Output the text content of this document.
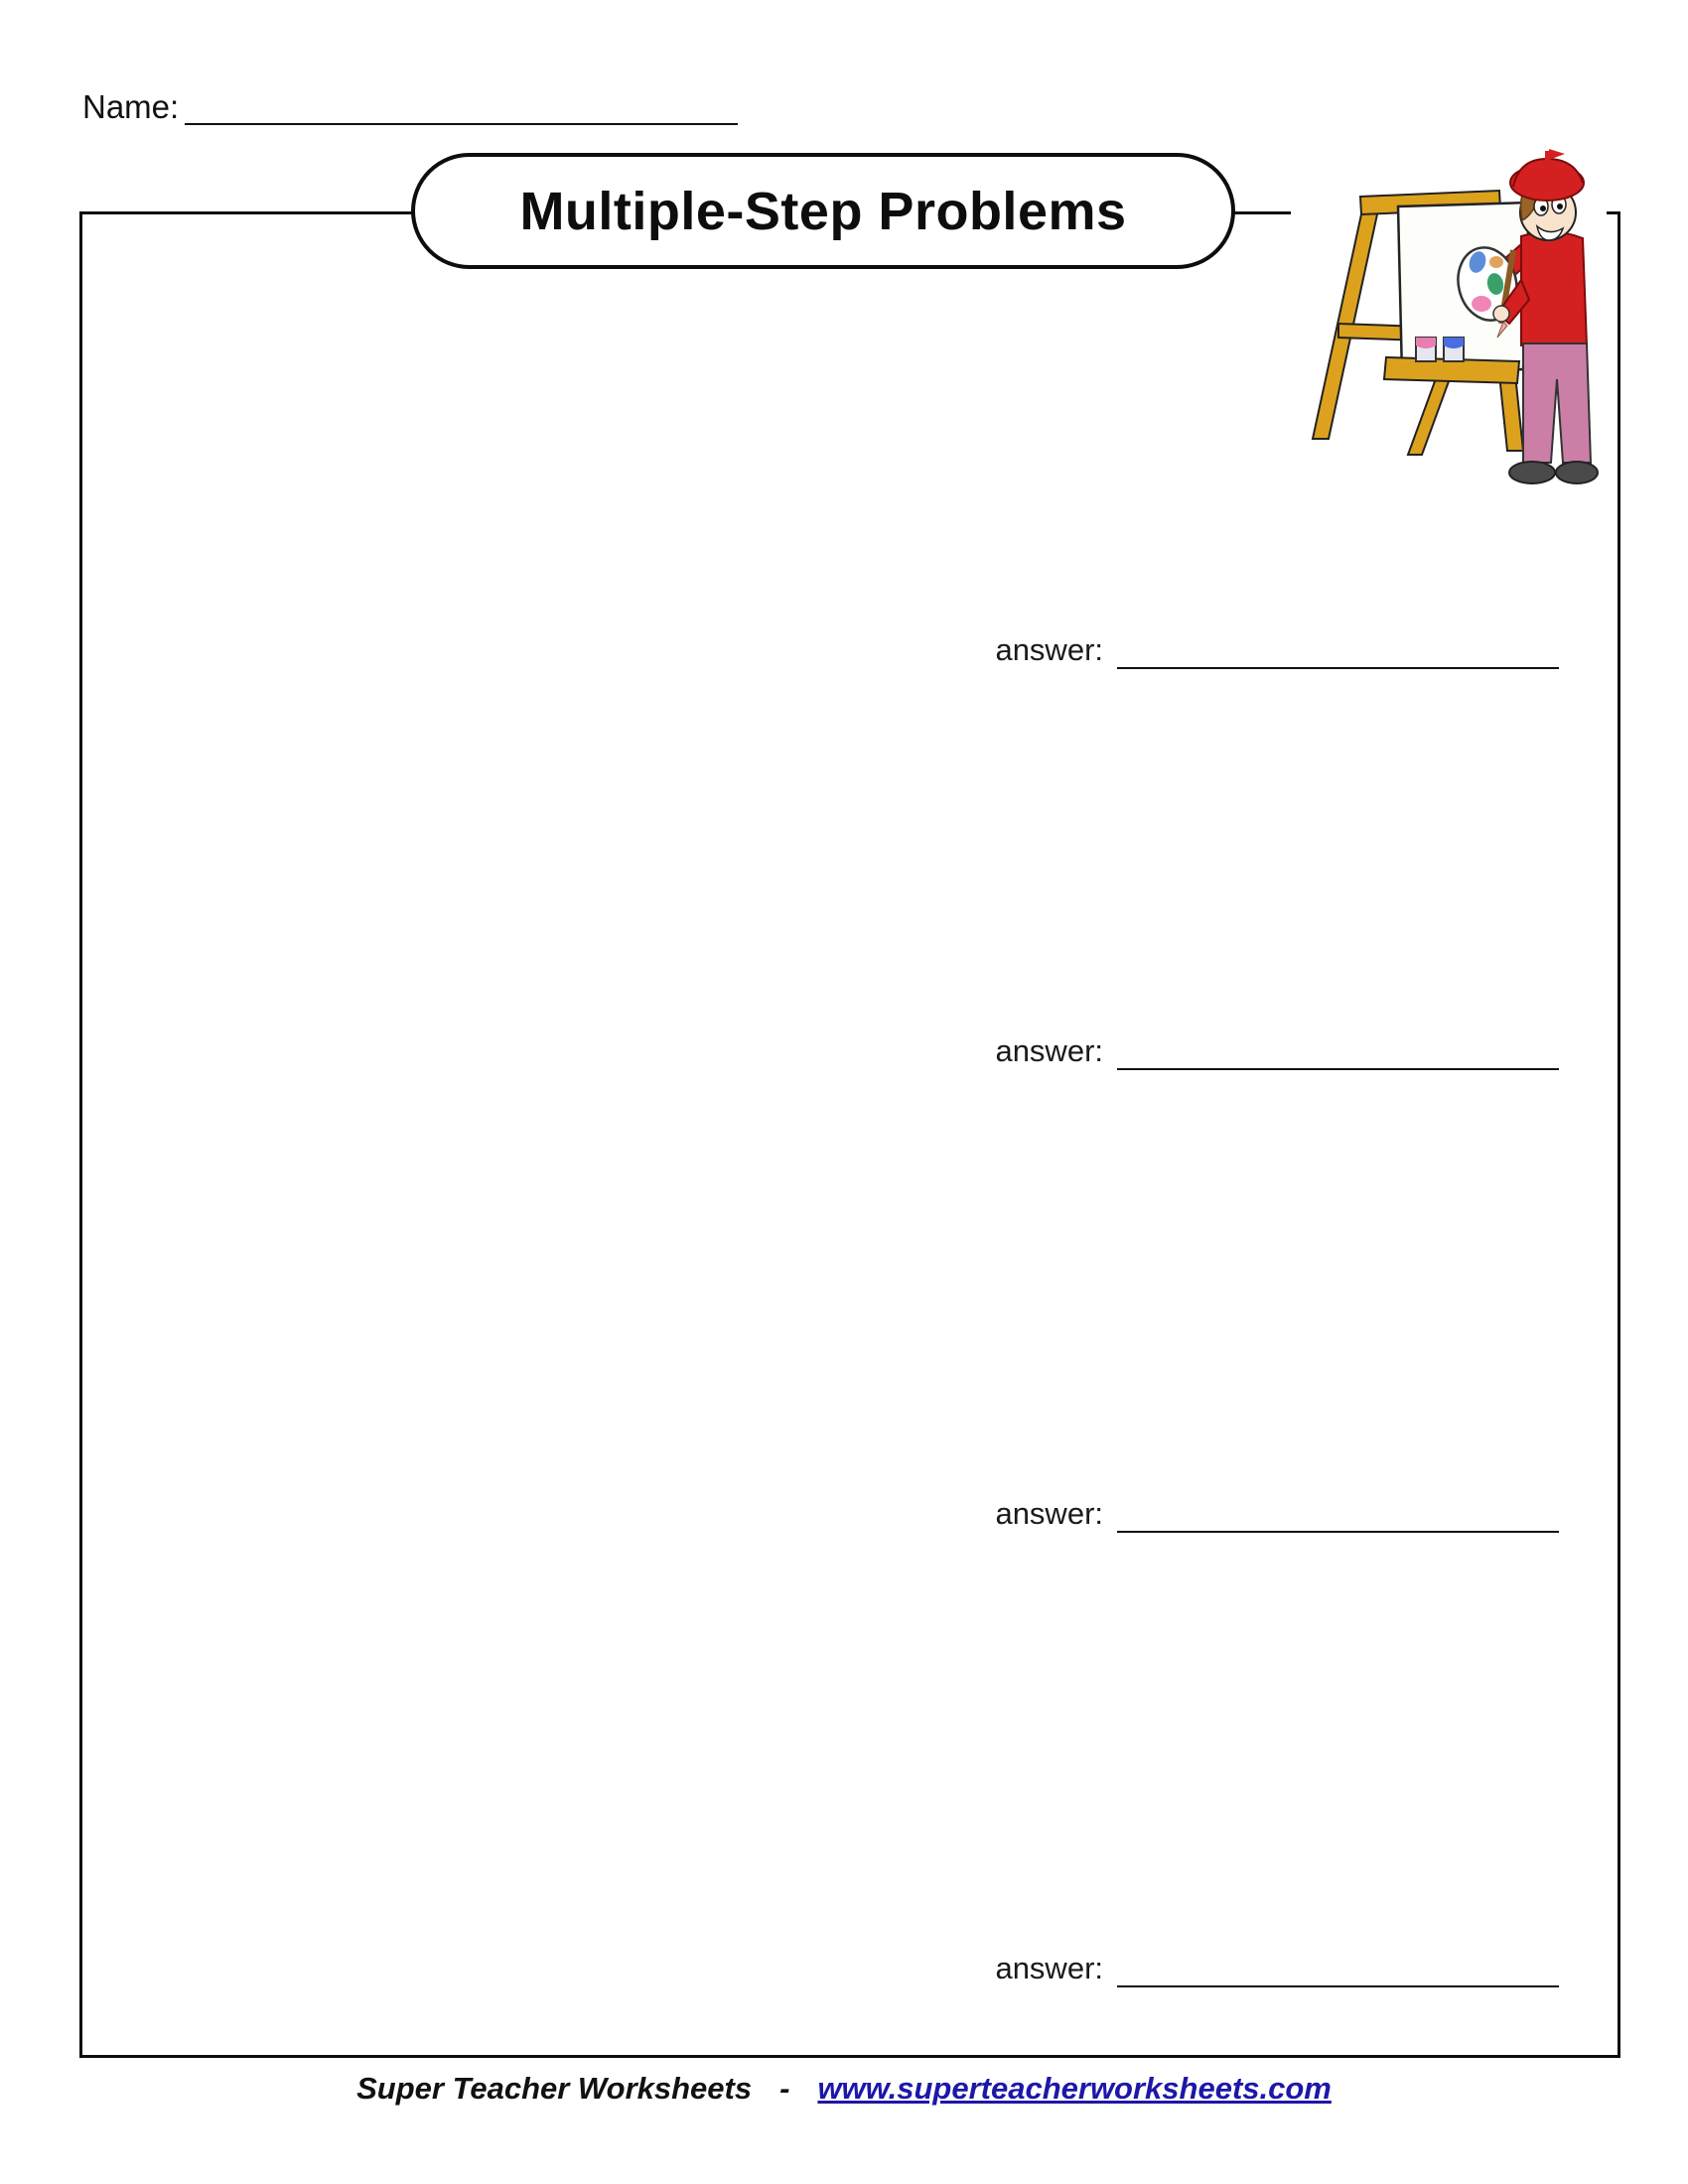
Name:
Multiple-Step Problems
answer:
answer:
answer:
answer:
Super Teacher Worksheets - www.superteacherworksheets.com
